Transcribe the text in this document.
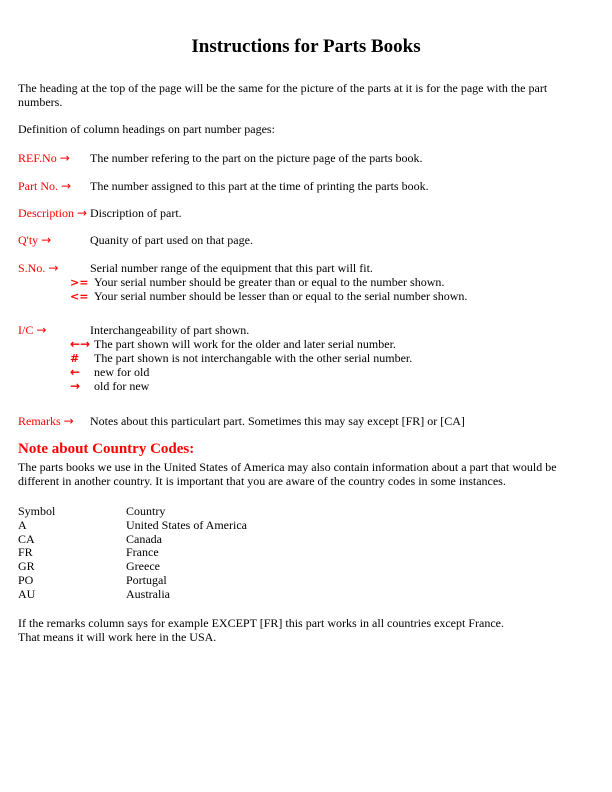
Instructions for Parts Books
The heading at the top of the page will be the same for the picture of the parts at it is for the page with the part
numbers.
Definition of column headings on part number pages:
REF.No →	The number refering to the part on the picture page of the parts book.
Part No. →	The number assigned to this part at the time of printing the parts book.
Description → Discription of part.
Q'ty →	Quanity of part used on that page.
S.No. →	Serial number range of the equipment that this part will fit.
>= Your serial number should be greater than or equal to the number shown.
<= Your serial number should be lesser than or equal to the serial number shown.
I/C →	Interchangeability of part shown.
←→ The part shown will work for the older and later serial number.
#	The part shown is not interchangable with the other serial number.
←	new for old
→	old for new
Remarks →	Notes about this particulart part. Sometimes this may say except [FR] or [CA]
Note about Country Codes:
The parts books we use in the United States of America may also contain information about a part that would be
different in another country. It is important that you are aware of the country codes in some instances.
Symbol	Country
A	United States of America
CA	Canada
FR	France
GR	Greece
PO	Portugal
AU	Australia
If the remarks column says for example EXCEPT [FR] this part works in all countries except France.
That means it will work here in the USA.
